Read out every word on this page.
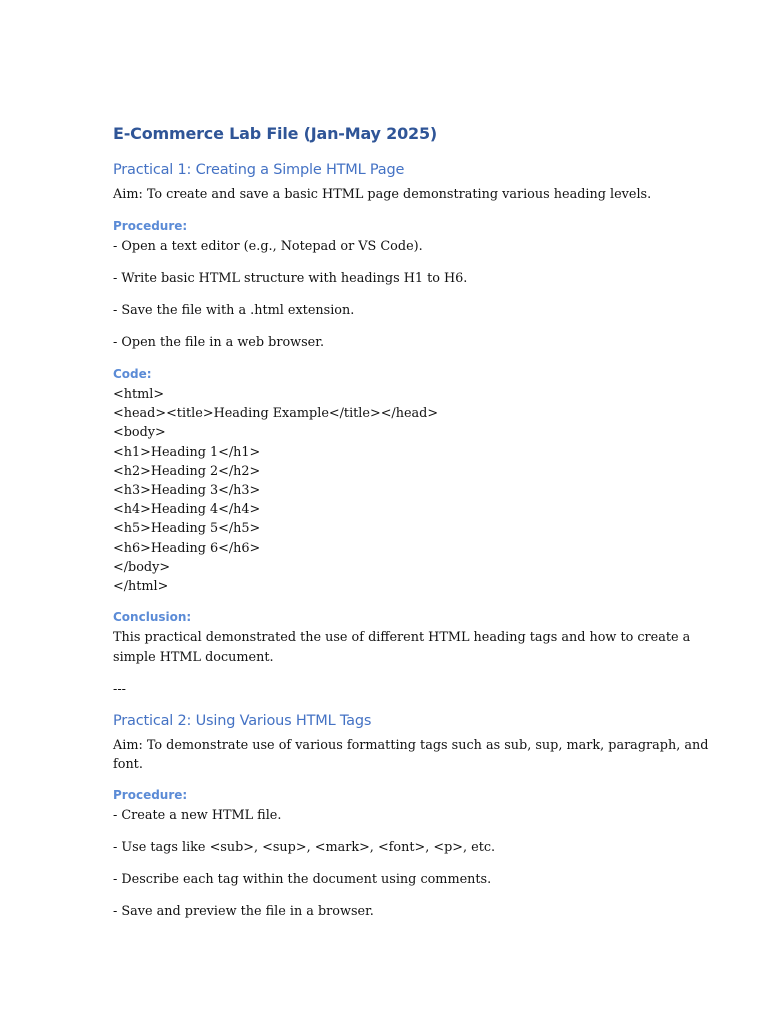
E-Commerce Lab File (Jan-May 2025)
Practical 1: Creating a Simple HTML Page
Aim: To create and save a basic HTML page demonstrating various heading levels.
Procedure:
- Open a text editor (e.g., Notepad or VS Code).
- Write basic HTML structure with headings H1 to H6.
- Save the file with a .html extension.
- Open the file in a web browser.
Code:
<html>
<head><title>Heading Example</title></head>
<body>
<h1>Heading 1</h1>
<h2>Heading 2</h2>
<h3>Heading 3</h3>
<h4>Heading 4</h4>
<h5>Heading 5</h5>
<h6>Heading 6</h6>
</body>
</html>
Conclusion:
This practical demonstrated the use of different HTML heading tags and how to create a
simple HTML document.
---
Practical 2: Using Various HTML Tags
Aim: To demonstrate use of various formatting tags such as sub, sup, mark, paragraph, and
font.
Procedure:
- Create a new HTML file.
- Use tags like <sub>, <sup>, <mark>, <font>, <p>, etc.
- Describe each tag within the document using comments.
- Save and preview the file in a browser.
